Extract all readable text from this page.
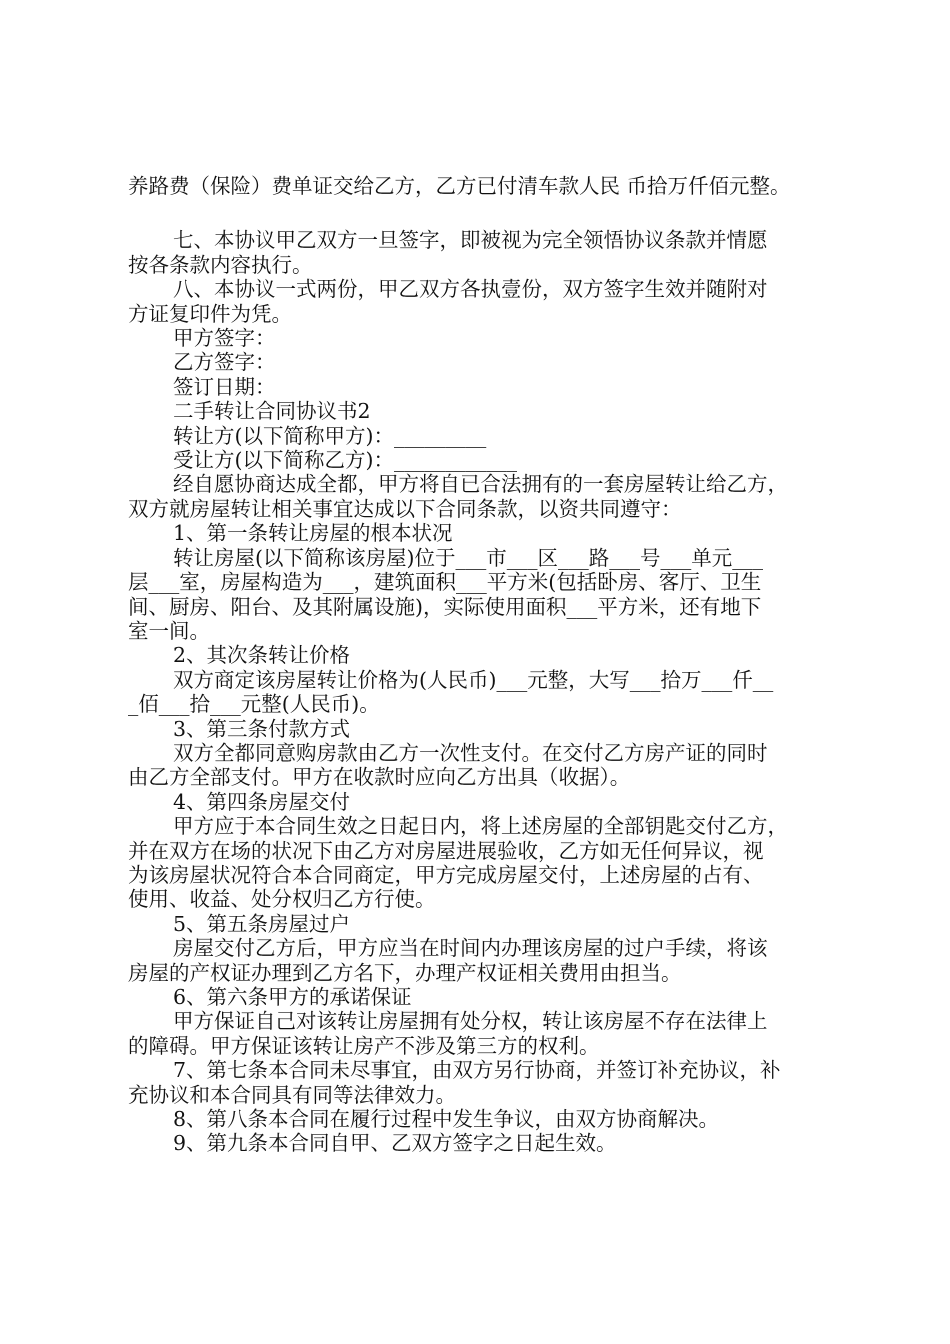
养路费（保险）费单证交给乙方，乙方已付清车款人民 币拾万仟佰元整。

七、本协议甲乙双方一旦签字，即被视为完全领悟协议条款并情愿

按各条款内容执行。

八、本协议一式两份，甲乙双方各执壹份，双方签字生效并随附对

方证复印件为凭。

甲方签字：

乙方签字：

签订日期：

二手转让合同协议书2

转让方(以下简称甲方)：_________

受让方(以下简称乙方)：____________

经自愿协商达成全都，甲方将自已合法拥有的一套房屋转让给乙方，

双方就房屋转让相关事宜达成以下合同条款，以资共同遵守：

1、第一条转让房屋的根本状况

转让房屋(以下简称该房屋)位于___市___区___路___号___单元___

层___室，房屋构造为___，建筑面积___平方米(包括卧房、客厅、卫生

间、厨房、阳台、及其附属设施)，实际使用面积___平方米，还有地下

室一间。

2、其次条转让价格

双方商定该房屋转让价格为(人民币)___元整，大写___拾万___仟__

_佰___拾___元整(人民币)。

3、第三条付款方式

双方全都同意购房款由乙方一次性支付。在交付乙方房产证的同时

由乙方全部支付。甲方在收款时应向乙方出具（收据）。

4、第四条房屋交付

甲方应于本合同生效之日起日内，将上述房屋的全部钥匙交付乙方，

并在双方在场的状况下由乙方对房屋进展验收，乙方如无任何异议，视

为该房屋状况符合本合同商定，甲方完成房屋交付，上述房屋的占有、

使用、收益、处分权归乙方行使。

5、第五条房屋过户

房屋交付乙方后，甲方应当在时间内办理该房屋的过户手续，将该

房屋的产权证办理到乙方名下，办理产权证相关费用由担当。

6、第六条甲方的承诺保证

甲方保证自己对该转让房屋拥有处分权，转让该房屋不存在法律上

的障碍。甲方保证该转让房产不涉及第三方的权利。

7、第七条本合同未尽事宜，由双方另行协商，并签订补充协议，补

充协议和本合同具有同等法律效力。

8、第八条本合同在履行过程中发生争议，由双方协商解决。

9、第九条本合同自甲、乙双方签字之日起生效。
